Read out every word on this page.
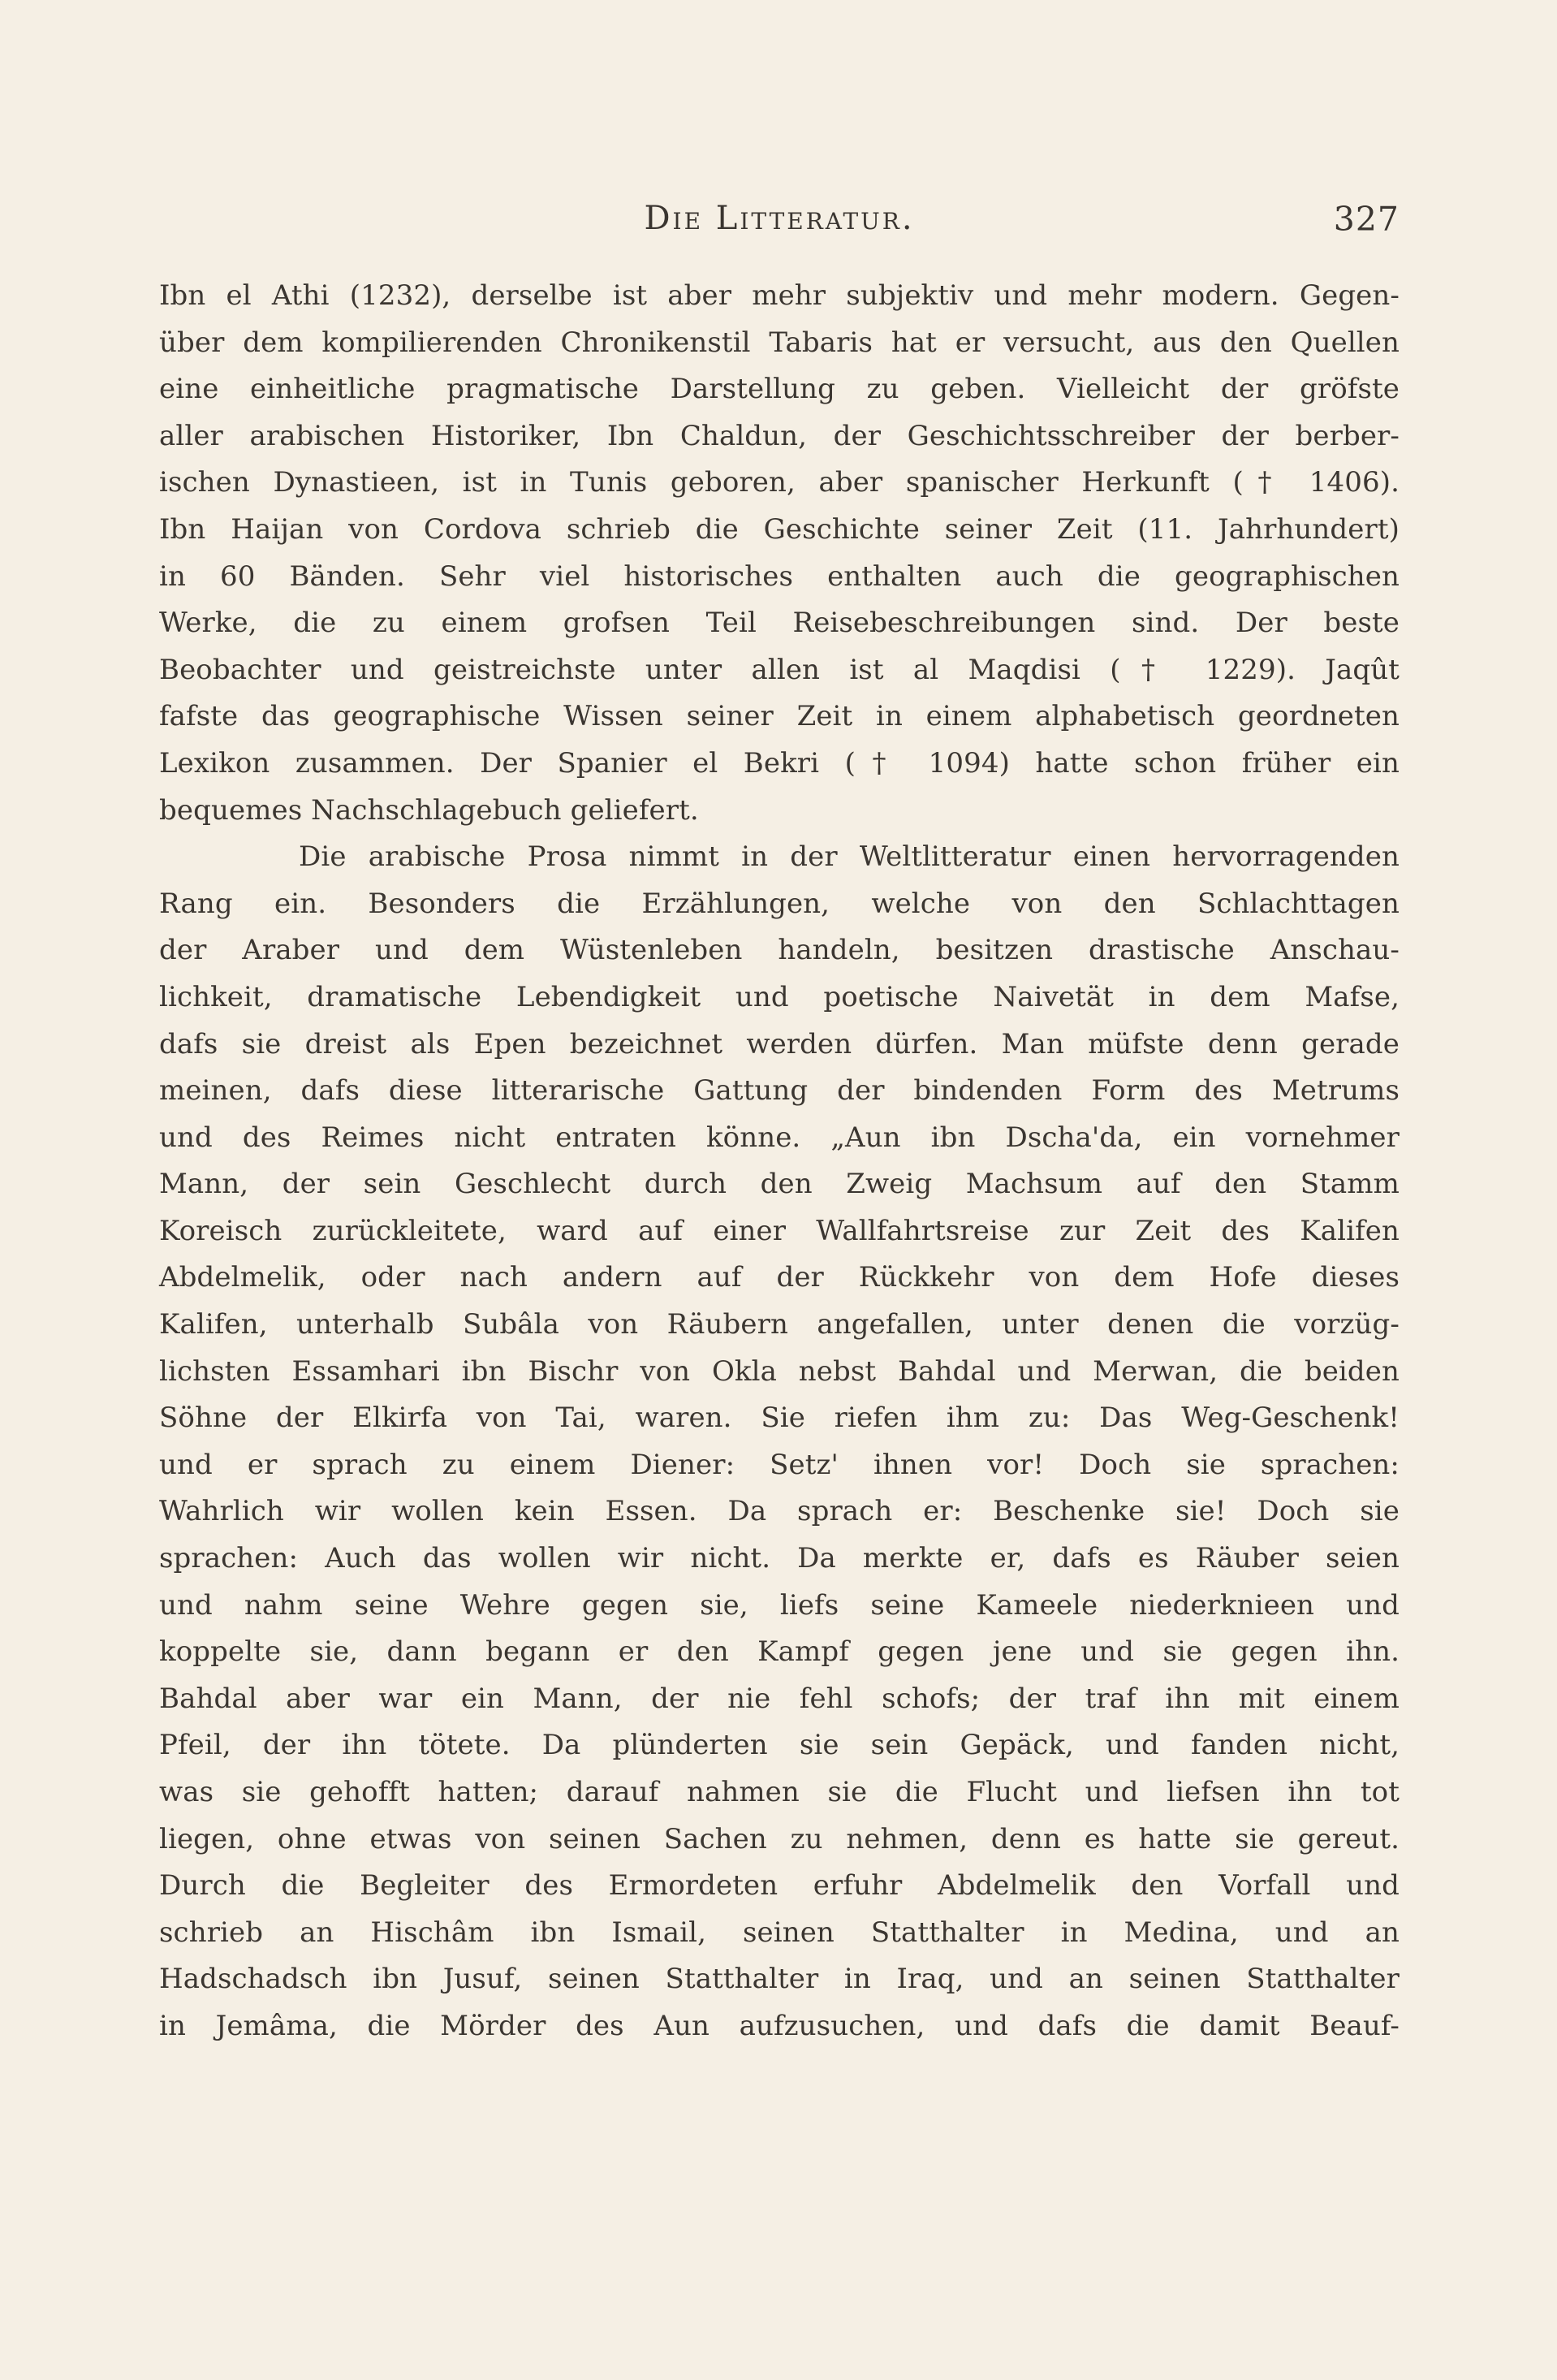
Die Litteratur.	327
Ibn el Athi (1232), derselbe ist aber mehr subjektiv und mehr modern. Gegen-
über dem kompilierenden Chronikenstil Tabaris hat er versucht, aus den Quellen
eine einheitliche pragmatische Darstellung zu geben. Vielleicht der gröfste
aller arabischen Historiker, Ibn Chaldun, der Geschichtsschreiber der berber-
ischen Dynastieen, ist in Tunis geboren, aber spanischer Herkunft († 1406).
Ibn Haijan von Cordova schrieb die Geschichte seiner Zeit (11. Jahrhundert)
in 60 Bänden. Sehr viel historisches enthalten auch die geographischen
Werke, die zu einem grofsen Teil Reisebeschreibungen sind. Der beste
Beobachter und geistreichste unter allen ist al Maqdisi († 1229). Jaqût
fafste das geographische Wissen seiner Zeit in einem alphabetisch geordneten
Lexikon zusammen. Der Spanier el Bekri († 1094) hatte schon früher ein
bequemes Nachschlagebuch geliefert.
Die arabische Prosa nimmt in der Weltlitteratur einen hervorragenden
Rang ein. Besonders die Erzählungen, welche von den Schlachttagen
der Araber und dem Wüstenleben handeln, besitzen drastische Anschau-
lichkeit, dramatische Lebendigkeit und poetische Naivetät in dem Mafse,
dafs sie dreist als Epen bezeichnet werden dürfen. Man müfste denn gerade
meinen, dafs diese litterarische Gattung der bindenden Form des Metrums
und des Reimes nicht entraten könne. „Aun ibn Dscha'da, ein vornehmer
Mann, der sein Geschlecht durch den Zweig Machsum auf den Stamm
Koreisch zurückleitete, ward auf einer Wallfahrtsreise zur Zeit des Kalifen
Abdelmelik, oder nach andern auf der Rückkehr von dem Hofe dieses
Kalifen, unterhalb Subâla von Räubern angefallen, unter denen die vorzüg-
lichsten Essamhari ibn Bischr von Okla nebst Bahdal und Merwan, die beiden
Söhne der Elkirfa von Tai, waren. Sie riefen ihm zu: Das Weg-Geschenk!
und er sprach zu einem Diener: Setz' ihnen vor! Doch sie sprachen:
Wahrlich wir wollen kein Essen. Da sprach er: Beschenke sie! Doch sie
sprachen: Auch das wollen wir nicht. Da merkte er, dafs es Räuber seien
und nahm seine Wehre gegen sie, liefs seine Kameele niederknieen und
koppelte sie, dann begann er den Kampf gegen jene und sie gegen ihn.
Bahdal aber war ein Mann, der nie fehl schofs; der traf ihn mit einem
Pfeil, der ihn tötete. Da plünderten sie sein Gepäck, und fanden nicht,
was sie gehofft hatten; darauf nahmen sie die Flucht und liefsen ihn tot
liegen, ohne etwas von seinen Sachen zu nehmen, denn es hatte sie gereut.
Durch die Begleiter des Ermordeten erfuhr Abdelmelik den Vorfall und
schrieb an Hischâm ibn Ismail, seinen Statthalter in Medina, und an
Hadschadsch ibn Jusuf, seinen Statthalter in Iraq, und an seinen Statthalter
in Jemâma, die Mörder des Aun aufzusuchen, und dafs die damit Beauf-
